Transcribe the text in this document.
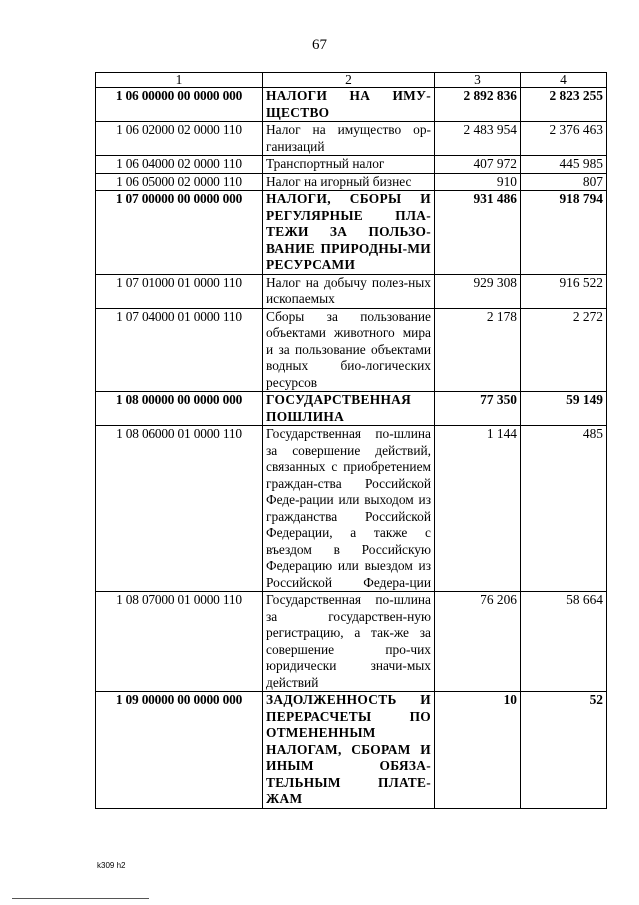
67
1	2	3	4
1 06 00000 00 0000 000	НАЛОГИ НА ИМУ-ЩЕСТВО	2 892 836	2 823 255
1 06 02000 02 0000 110	Налог на имущество ор-ганизаций	2 483 954	2 376 463
1 06 04000 02 0000 110	Транспортный налог	407 972	445 985
1 06 05000 02 0000 110	Налог на игорный бизнес	910	807
1 07 00000 00 0000 000	НАЛОГИ, СБОРЫ И РЕГУЛЯРНЫЕ ПЛА-ТЕЖИ ЗА ПОЛЬЗО-ВАНИЕ ПРИРОДНЫ-МИ РЕСУРСАМИ	931 486	918 794
1 07 01000 01 0000 110	Налог на добычу полез-ных ископаемых	929 308	916 522
1 07 04000 01 0000 110	Сборы за пользование объектами животного мира и за пользование объектами водных био-логических ресурсов	2 178	2 272
1 08 00000 00 0000 000	ГОСУДАРСТВЕННАЯ ПОШЛИНА	77 350	59 149
1 08 06000 01 0000 110	Государственная по-шлина за совершение действий, связанных с приобретением граждан-ства Российской Феде-рации или выходом из гражданства Российской Федерации, а также с въездом в Российскую Федерацию или выездом из Российской Федера-ции	1 144	485
1 08 07000 01 0000 110	Государственная по-шлина за государствен-ную регистрацию, а так-же за совершение про-чих юридически значи-мых действий	76 206	58 664
1 09 00000 00 0000 000	ЗАДОЛЖЕННОСТЬ И ПЕРЕРАСЧЕТЫ ПО ОТМЕНЕННЫМ НАЛОГАМ, СБОРАМ И ИНЫМ ОБЯЗА-ТЕЛЬНЫМ ПЛАТЕ-ЖАМ	10	52
k309 h2
